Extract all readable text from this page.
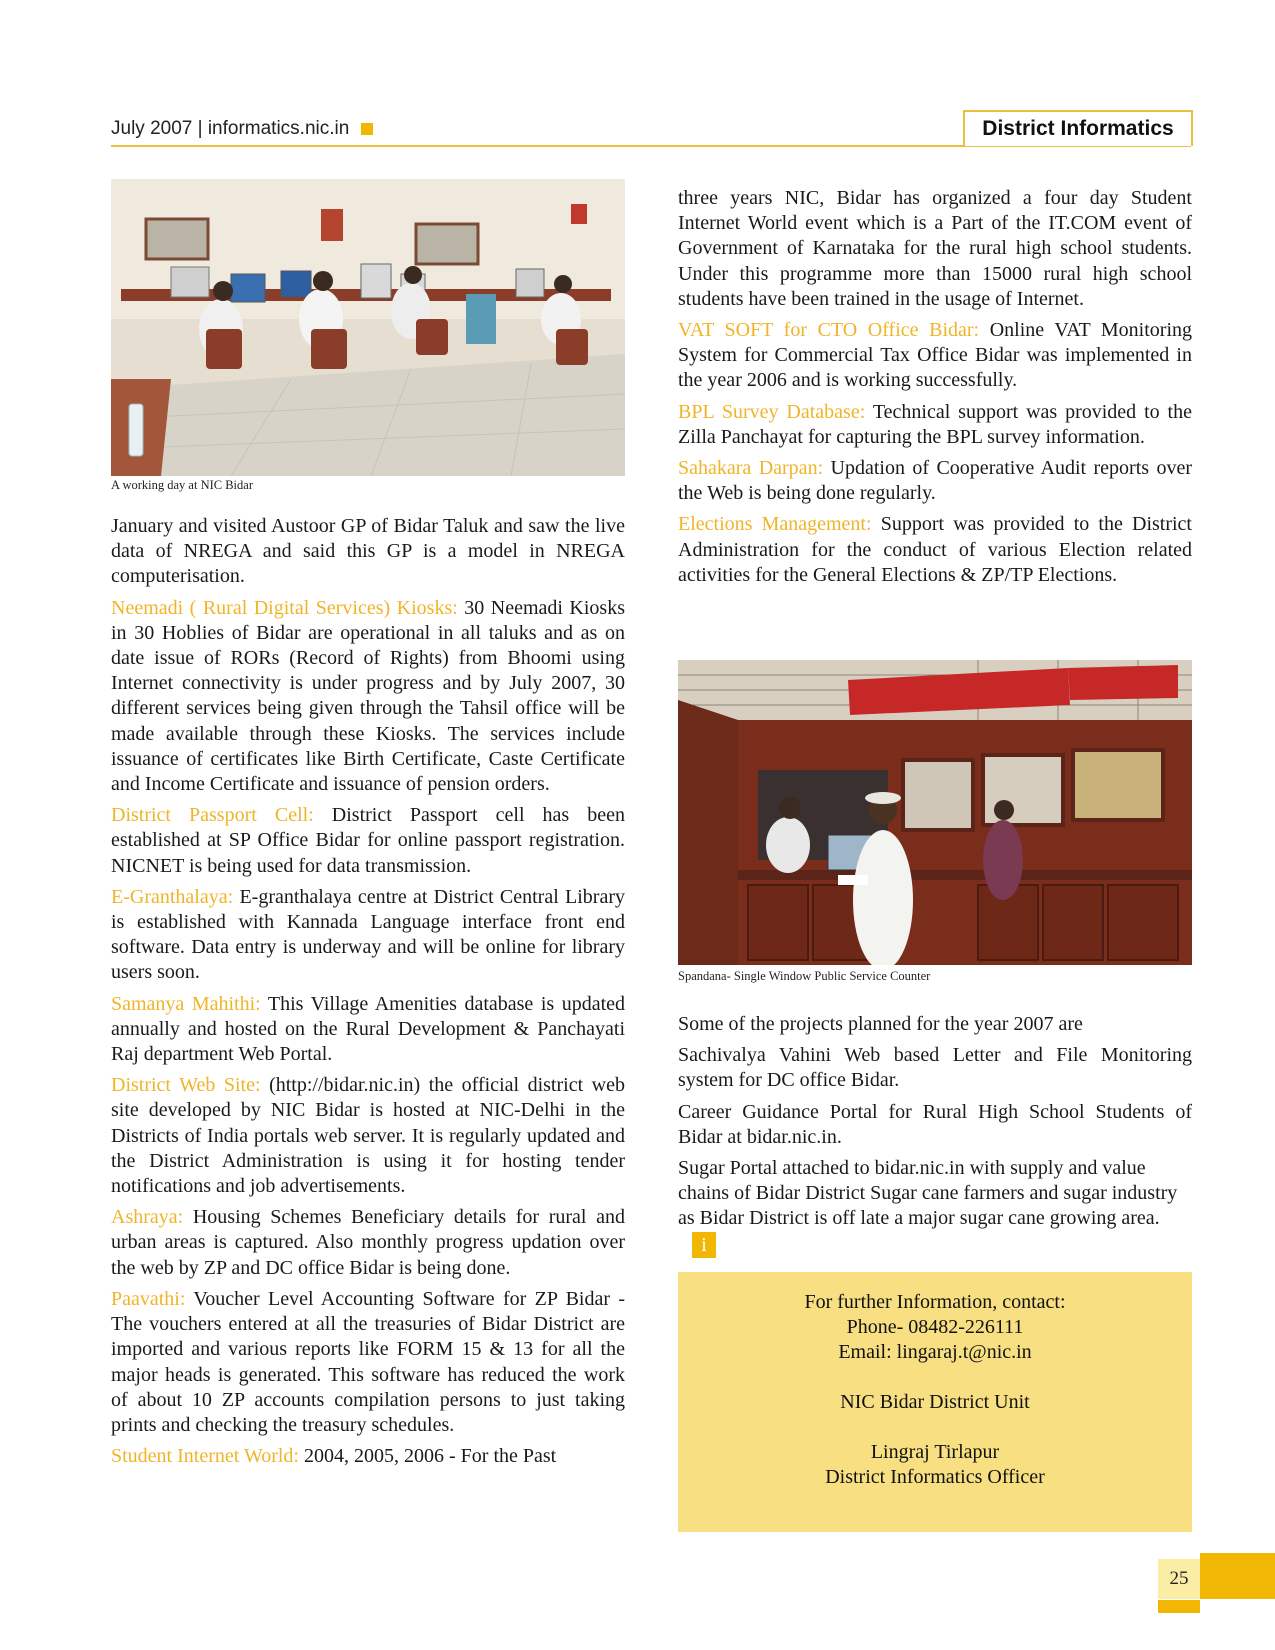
July 2007 | informatics.nic.in	District Informatics
A working day at NIC Bidar

January and visited Austoor GP of Bidar Taluk and saw the live data of NREGA and said this GP is a model in NREGA computerisation.

Neemadi ( Rural Digital Services) Kiosks: 30 Neemadi Kiosks in 30 Hoblies of Bidar are operational in all taluks and as on date issue of RORs (Record of Rights) from Bhoomi using Internet connectivity is under progress and by July 2007, 30 different services being given through the Tahsil office will be made available through these Kiosks. The services include issuance of certificates like Birth Certificate, Caste Certificate and Income Certificate and issuance of pension orders.

District Passport Cell: District Passport cell has been established at SP Office Bidar for online passport registration. NICNET is being used for data transmission.

E-Granthalaya: E-granthalaya centre at District Central Library is established with Kannada Language interface front end software. Data entry is underway and will be online for library users soon.

Samanya Mahithi: This Village Amenities database is updated annually and hosted on the Rural Development & Panchayati Raj department Web Portal.

District Web Site: (http://bidar.nic.in) the official district web site developed by NIC Bidar is hosted at NIC-Delhi in the Districts of India portals web server. It is regularly updated and the District Administration is using it for hosting tender notifications and job advertisements.

Ashraya: Housing Schemes Beneficiary details for rural and urban areas is captured. Also monthly progress updation over the web by ZP and DC office Bidar is being done.

Paavathi: Voucher Level Accounting Software for ZP Bidar - The vouchers entered at all the treasuries of Bidar District are imported and various reports like FORM 15 & 13 for all the major heads is generated. This software has reduced the work of about 10 ZP accounts compilation persons to just taking prints and checking the treasury schedules.

Student Internet World: 2004, 2005, 2006 - For the Past

three years NIC, Bidar has organized a four day Student Internet World event which is a Part of the IT.COM event of Government of Karnataka for the rural high school students. Under this programme more than 15000 rural high school students have been trained in the usage of Internet.

VAT SOFT for CTO Office Bidar: Online VAT Monitoring System for Commercial Tax Office Bidar was implemented in the year 2006 and is working successfully.

BPL Survey Database: Technical support was provided to the Zilla Panchayat for capturing the BPL survey information.

Sahakara Darpan: Updation of Cooperative Audit reports over the Web is being done regularly.

Elections Management: Support was provided to the District Administration for the conduct of various Election related activities for the General Elections & ZP/TP Elections.

Spandana- Single Window Public Service Counter

Some of the projects planned for the year 2007 are

Sachivalya Vahini Web based Letter and File Monitoring system for DC office Bidar.

Career Guidance Portal for Rural High School Students of Bidar at bidar.nic.in.

Sugar Portal attached to bidar.nic.in with supply and value chains of Bidar District Sugar cane farmers and sugar industry as Bidar District is off late a major sugar cane growing area.i

For further Information, contact:
Phone- 08482-226111
Email: lingaraj.t@nic.in
NIC Bidar District Unit
Lingraj Tirlapur
District Informatics Officer
25
